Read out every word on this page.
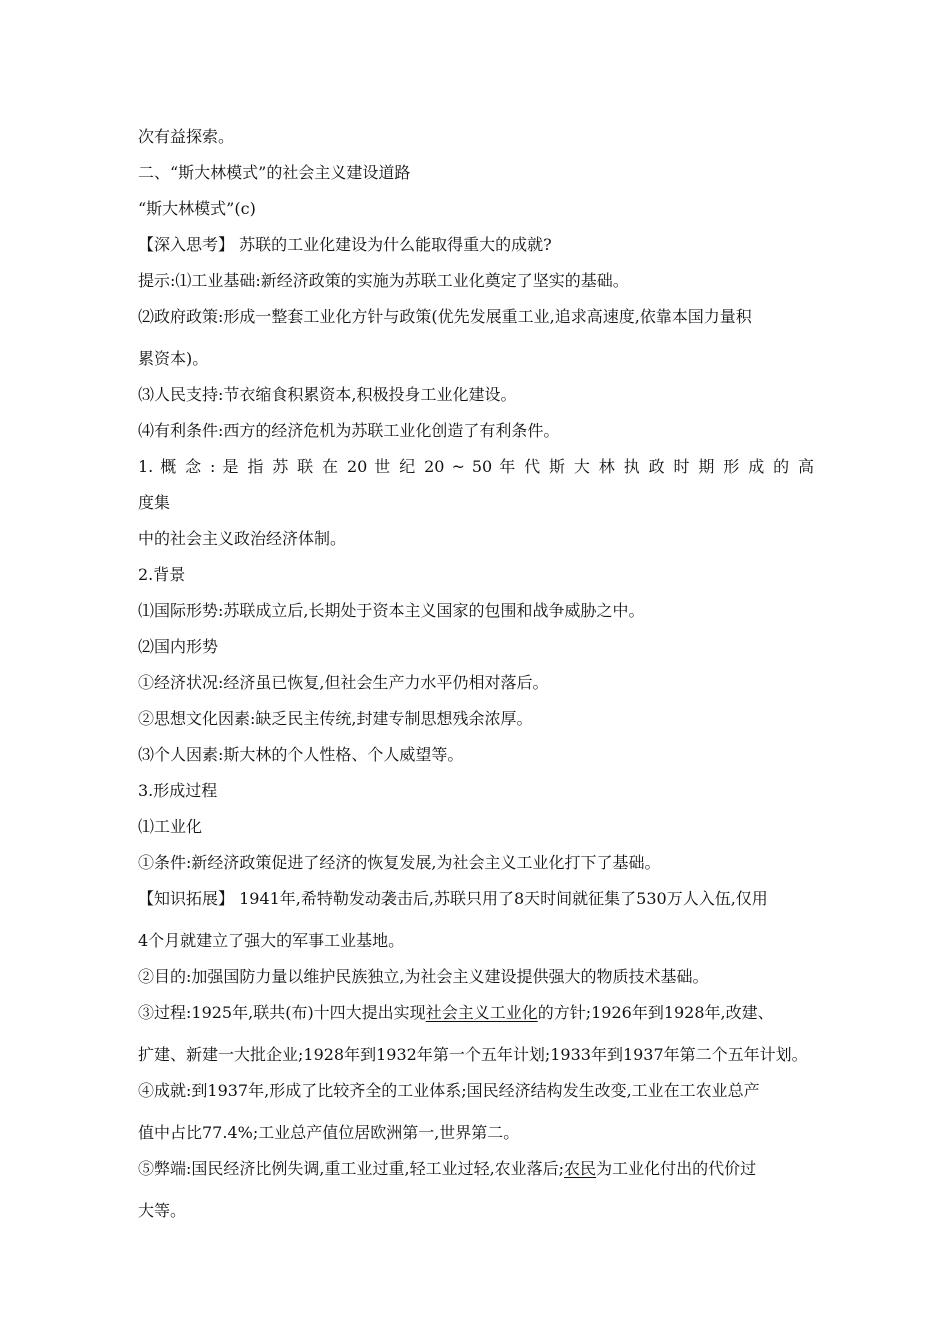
次有益探索。
二、“斯大林模式”的社会主义建设道路
“斯大林模式”(c)
【深入思考】 苏联的工业化建设为什么能取得重大的成就?
提示:⑴工业基础:新经济政策的实施为苏联工业化奠定了坚实的基础。
⑵政府政策:形成一整套工业化方针与政策(优先发展重工业,追求高速度,依靠本国力量积
累资本)。
⑶人民支持:节衣缩食积累资本,积极投身工业化建设。
⑷有利条件:西方的经济危机为苏联工业化创造了有利条件。
1. 概 念 : 是 指 苏 联 在 20 世 纪 20 ~ 50 年 代 斯 大 林 执 政 时 期 形 成 的 高
度集
中的社会主义政治经济体制。
2.背景
⑴国际形势:苏联成立后,长期处于资本主义国家的包围和战争威胁之中。
⑵国内形势
①经济状况:经济虽已恢复,但社会生产力水平仍相对落后。
②思想文化因素:缺乏民主传统,封建专制思想残余浓厚。
⑶个人因素:斯大林的个人性格、个人威望等。
3.形成过程
⑴工业化
①条件:新经济政策促进了经济的恢复发展,为社会主义工业化打下了基础。
【知识拓展】 1941年,希特勒发动袭击后,苏联只用了8天时间就征集了530万人入伍,仅用
4个月就建立了强大的军事工业基地。
②目的:加强国防力量以维护民族独立,为社会主义建设提供强大的物质技术基础。
③过程:1925年,联共(布)十四大提出实现社会主义工业化的方针;1926年到1928年,改建、
扩建、新建一大批企业;1928年到1932年第一个五年计划;1933年到1937年第二个五年计划。
④成就:到1937年,形成了比较齐全的工业体系;国民经济结构发生改变,工业在工农业总产
值中占比77.4%;工业总产值位居欧洲第一,世界第二。
⑤弊端:国民经济比例失调,重工业过重,轻工业过轻,农业落后;农民为工业化付出的代价过
大等。
